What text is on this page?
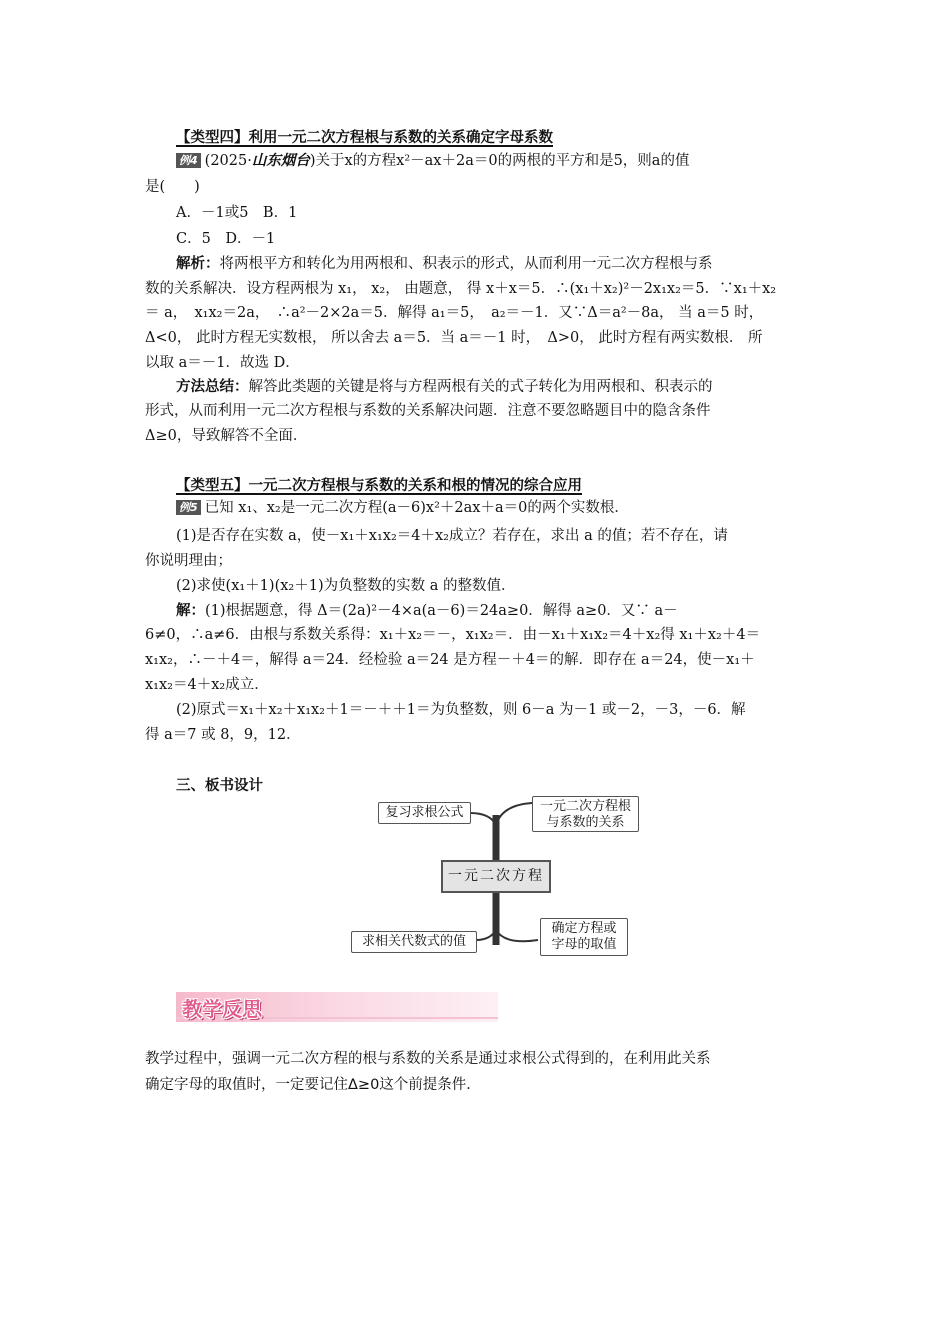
【类型四】利用一元二次方程根与系数的关系确定字母系数
例4 (2025·山东烟台)关于x的方程x²－ax＋2a＝0的两根的平方和是5，则a的值
是(　　)
A．－1或5　B．1
C．5　D．－1
解析：将两根平方和转化为用两根和、积表示的形式，从而利用一元二次方程根与系
数的关系解决．设方程两根为 x₁， x₂， 由题意， 得 x＋x＝5．∴(x₁＋x₂)²－2x₁x₂＝5．∵x₁＋x₂
＝ a，　x₁x₂＝2a，　∴a²－2×2a＝5．解得 a₁＝5，　a₂＝－1．又∵Δ＝a²－8a， 当 a＝5 时，
Δ<0， 此时方程无实数根， 所以舍去 a＝5．当 a＝－1 时，　Δ>0， 此时方程有两实数根． 所
以取 a＝－1．故选 D．
方法总结：解答此类题的关键是将与方程两根有关的式子转化为用两根和、积表示的
形式，从而利用一元二次方程根与系数的关系解决问题．注意不要忽略题目中的隐含条件
Δ≥0，导致解答不全面．
【类型五】一元二次方程根与系数的关系和根的情况的综合应用
例5 已知 x₁、x₂是一元二次方程(a－6)x²＋2ax＋a＝0的两个实数根．
(1)是否存在实数 a，使－x₁＋x₁x₂＝4＋x₂成立？若存在，求出 a 的值；若不存在，请
你说明理由；
(2)求使(x₁＋1)(x₂＋1)为负整数的实数 a 的整数值．
解：(1)根据题意，得 Δ＝(2a)²－4×a(a－6)＝24a≥0．解得 a≥0．又∵ a－
6≠0，∴a≠6．由根与系数关系得：x₁＋x₂＝－，x₁x₂＝．由－x₁＋x₁x₂＝4＋x₂得 x₁＋x₂＋4＝
x₁x₂，∴－＋4＝，解得 a＝24．经检验 a＝24 是方程－＋4＝的解．即存在 a＝24，使－x₁＋
x₁x₂＝4＋x₂成立．
(2)原式＝x₁＋x₂＋x₁x₂＋1＝－＋＋1＝为负整数，则 6－a 为－1 或－2，－3，－6．解
得 a＝7 或 8，9，12．
三、板书设计
复习求根公式	一元二次方程根
与系数的关系
一元二次方程
求相关代数式的值
确定方程或
字母的取值
教学反思
教学过程中，强调一元二次方程的根与系数的关系是通过求根公式得到的，在利用此关系
确定字母的取值时，一定要记住Δ≥0这个前提条件．
